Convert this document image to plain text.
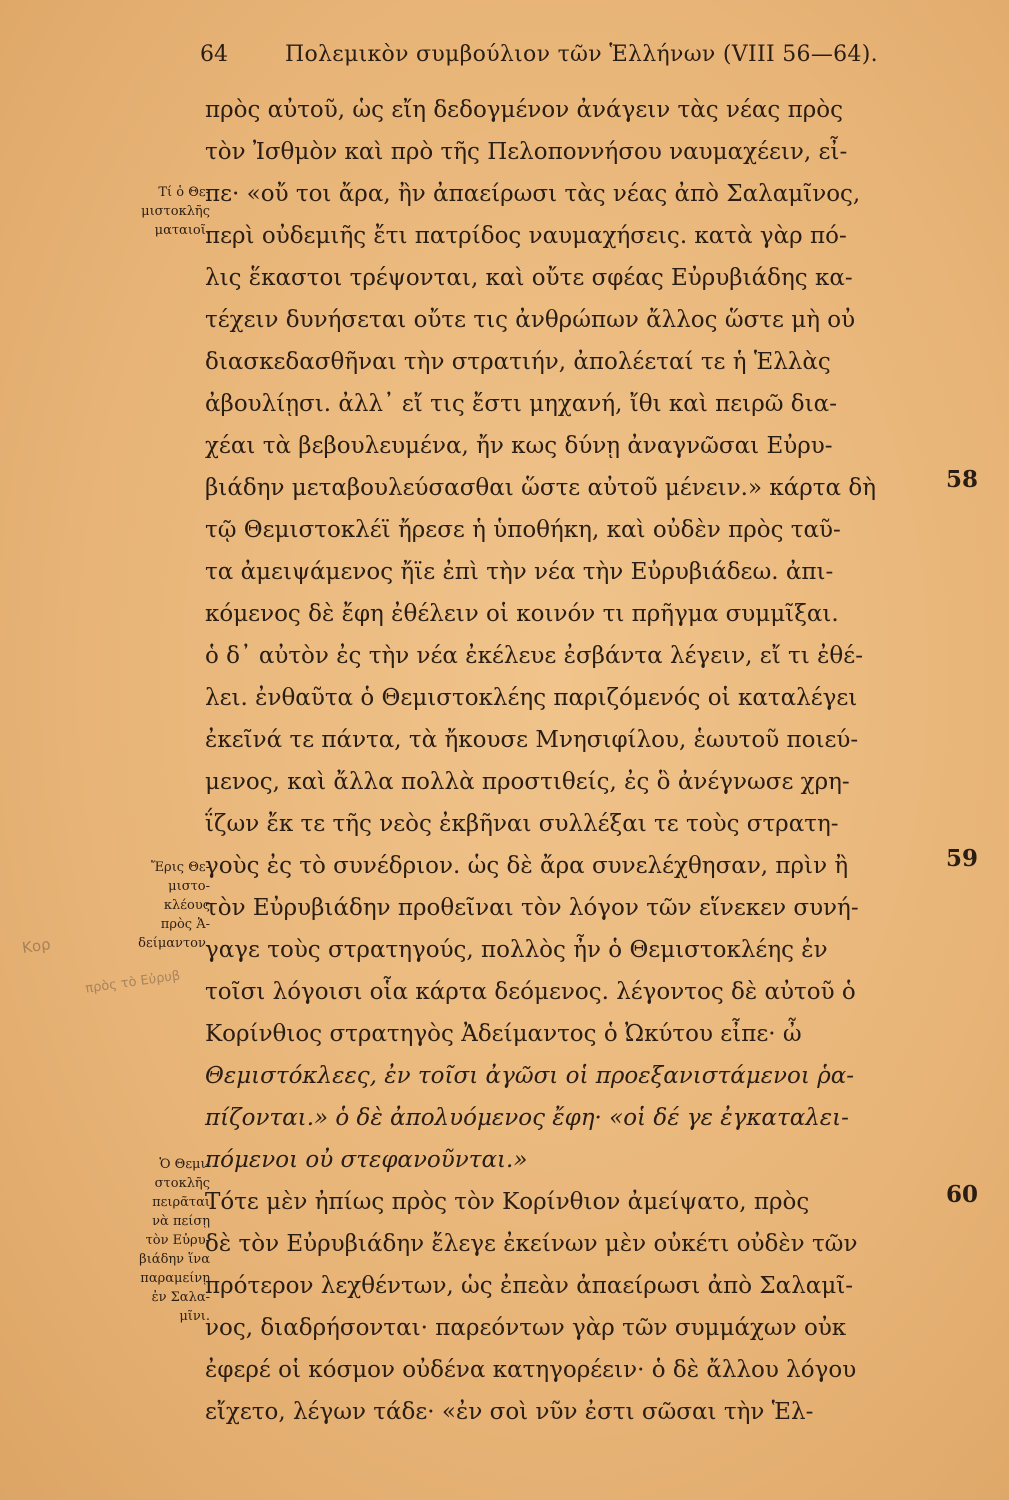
64	Πολεμικὸν συμβούλιον τῶν Ἑλλήνων (VIII 56—64).
πρὸς αὐτοῦ, ὡς εἴη δεδογμένον ἀνάγειν τὰς νέας πρὸς
τὸν Ἰσθμὸν καὶ πρὸ τῆς Πελοποννήσου ναυμαχέειν, εἶ-
πε· «οὔ τοι ἄρα, ἢν ἀπαείρωσι τὰς νέας ἀπὸ Σαλαμῖνος,
περὶ οὐδεμιῆς ἔτι πατρίδος ναυμαχήσεις. κατὰ γὰρ πό-
λις ἕκαστοι τρέψονται, καὶ οὔτε σφέας Εὐρυβιάδης κα-
τέχειν δυνήσεται οὔτε τις ἀνθρώπων ἄλλος ὥστε μὴ οὐ
διασκεδασθῆναι τὴν στρατιήν, ἀπολέεταί τε ἡ Ἑλλὰς
ἀβουλίῃσι. ἀλλ᾽ εἴ τις ἔστι μηχανή, ἴθι καὶ πειρῶ δια-
χέαι τὰ βεβουλευμένα, ἤν κως δύνῃ ἀναγνῶσαι Εὐρυ-
βιάδην μεταβουλεύσασθαι ὥστε αὐτοῦ μένειν.» κάρτα δὴ
τῷ Θεμιστοκλέϊ ἤρεσε ἡ ὑποθήκη, καὶ οὐδὲν πρὸς ταῦ-
τα ἀμειψάμενος ἤϊε ἐπὶ τὴν νέα τὴν Εὐρυβιάδεω. ἀπι-
κόμενος δὲ ἔφη ἐθέλειν οἱ κοινόν τι πρῆγμα συμμῖξαι.
ὁ δ᾽ αὐτὸν ἐς τὴν νέα ἐκέλευε ἐσβάντα λέγειν, εἴ τι ἐθέ-
λει. ἐνθαῦτα ὁ Θεμιστοκλέης παριζόμενός οἱ καταλέγει
ἐκεῖνά τε πάντα, τὰ ἤκουσε Μνησιφίλου, ἑωυτοῦ ποιεύ-
μενος, καὶ ἄλλα πολλὰ προστιθείς, ἐς ὃ ἀνέγνωσε χρη-
ΐζων ἔκ τε τῆς νεὸς ἐκβῆναι συλλέξαι τε τοὺς στρατη-
γοὺς ἐς τὸ συνέδριον. ὡς δὲ ἄρα συνελέχθησαν, πρὶν ἢ
τὸν Εὐρυβιάδην προθεῖναι τὸν λόγον τῶν εἵνεκεν συνή-
γαγε τοὺς στρατηγούς, πολλὸς ἦν ὁ Θεμιστοκλέης ἐν
τοῖσι λόγοισι οἷα κάρτα δεόμενος. λέγοντος δὲ αὐτοῦ ὁ
Κορίνθιος στρατηγὸς Ἀδείμαντος ὁ Ὠκύτου εἶπε· ὦ
Θεμιστόκλεες, ἐν τοῖσι ἀγῶσι οἱ προεξανιστάμενοι ῥα-
πίζονται.» ὁ δὲ ἀπολυόμενος ἔφη· «οἱ δέ γε ἐγκαταλει-
πόμενοι οὐ στεφανοῦνται.»
Τότε μὲν ἠπίως πρὸς τὸν Κορίνθιον ἀμείψατο, πρὸς
δὲ τὸν Εὐρυβιάδην ἔλεγε ἐκείνων μὲν οὐκέτι οὐδὲν τῶν
πρότερον λεχθέντων, ὡς ἐπεὰν ἀπαείρωσι ἀπὸ Σαλαμῖ-
νος, διαδρήσονται· παρεόντων γὰρ τῶν συμμάχων οὐκ
ἐφερέ οἱ κόσμον οὐδένα κατηγορέειν· ὁ δὲ ἄλλου λόγου
εἴχετο, λέγων τάδε· «ἐν σοὶ νῦν ἐστι σῶσαι τὴν Ἑλ-
58
59
60
Τί ὁ Θε-
μιστοκλῆς
ματαιοῖ.
Ἔρις Θε-
μιστο-
κλέους
πρὸς Ἀ-
δείμαντον.
Ὁ Θεμι-
στοκλῆς
πειρᾶται
νὰ πείσῃ
τὸν Εὐρυ-
βιάδην ἵνα
παραμείνῃ
ἐν Σαλα-
μῖνι.
Κορ
πρὸς τὸ Εὐρυβ
